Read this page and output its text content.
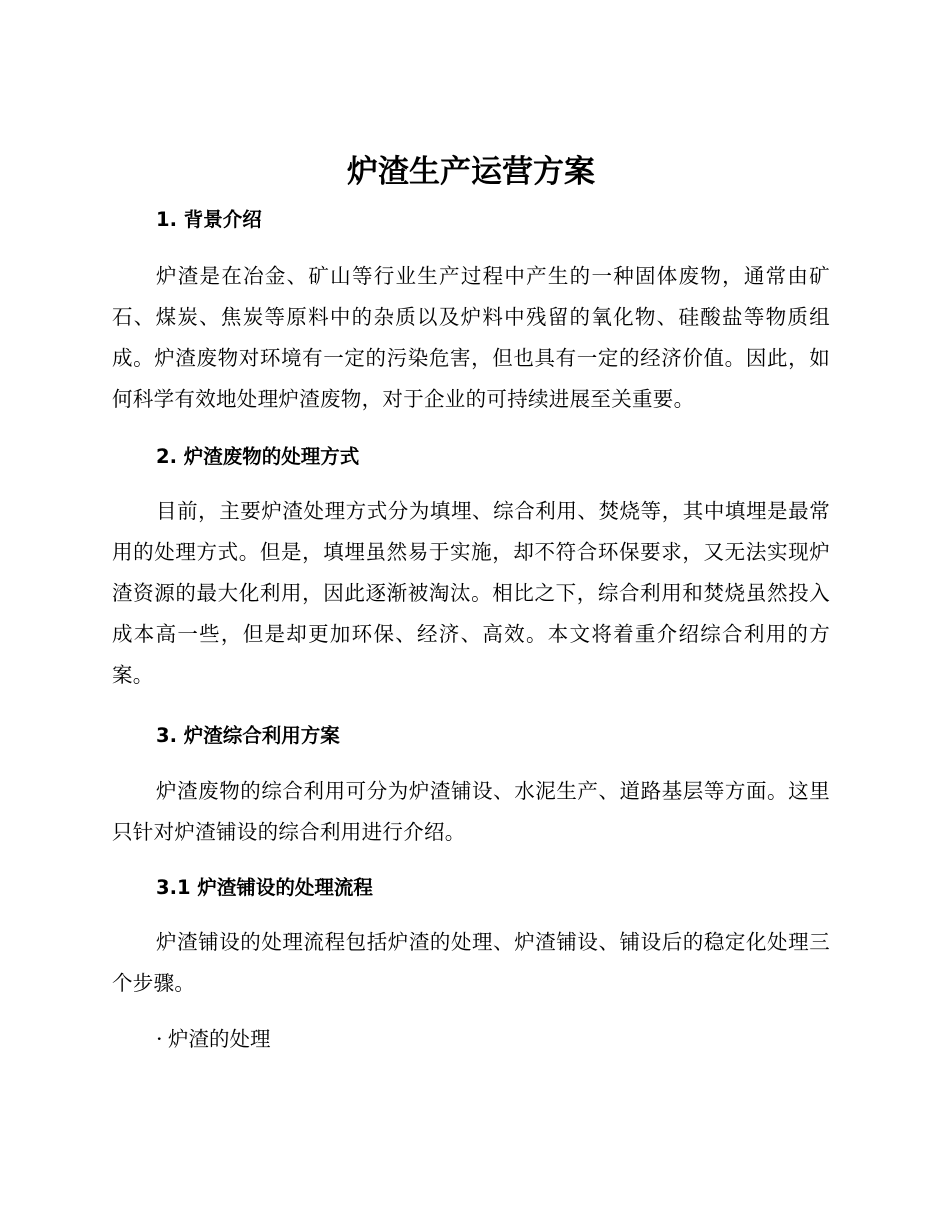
炉渣生产运营方案
1. 背景介绍

炉渣是在冶金、矿山等行业生产过程中产生的一种固体废物，通常由矿石、煤炭、焦炭等原料中的杂质以及炉料中残留的氧化物、硅酸盐等物质组成。炉渣废物对环境有一定的污染危害，但也具有一定的经济价值。因此，如何科学有效地处理炉渣废物，对于企业的可持续进展至关重要。

2. 炉渣废物的处理方式

目前，主要炉渣处理方式分为填埋、综合利用、焚烧等，其中填埋是最常用的处理方式。但是，填埋虽然易于实施，却不符合环保要求，又无法实现炉渣资源的最大化利用，因此逐渐被淘汰。相比之下，综合利用和焚烧虽然投入成本高一些，但是却更加环保、经济、高效。本文将着重介绍综合利用的方案。

3. 炉渣综合利用方案

炉渣废物的综合利用可分为炉渣铺设、水泥生产、道路基层等方面。这里只针对炉渣铺设的综合利用进行介绍。

3.1 炉渣铺设的处理流程

炉渣铺设的处理流程包括炉渣的处理、炉渣铺设、铺设后的稳定化处理三个步骤。

· 炉渣的处理
